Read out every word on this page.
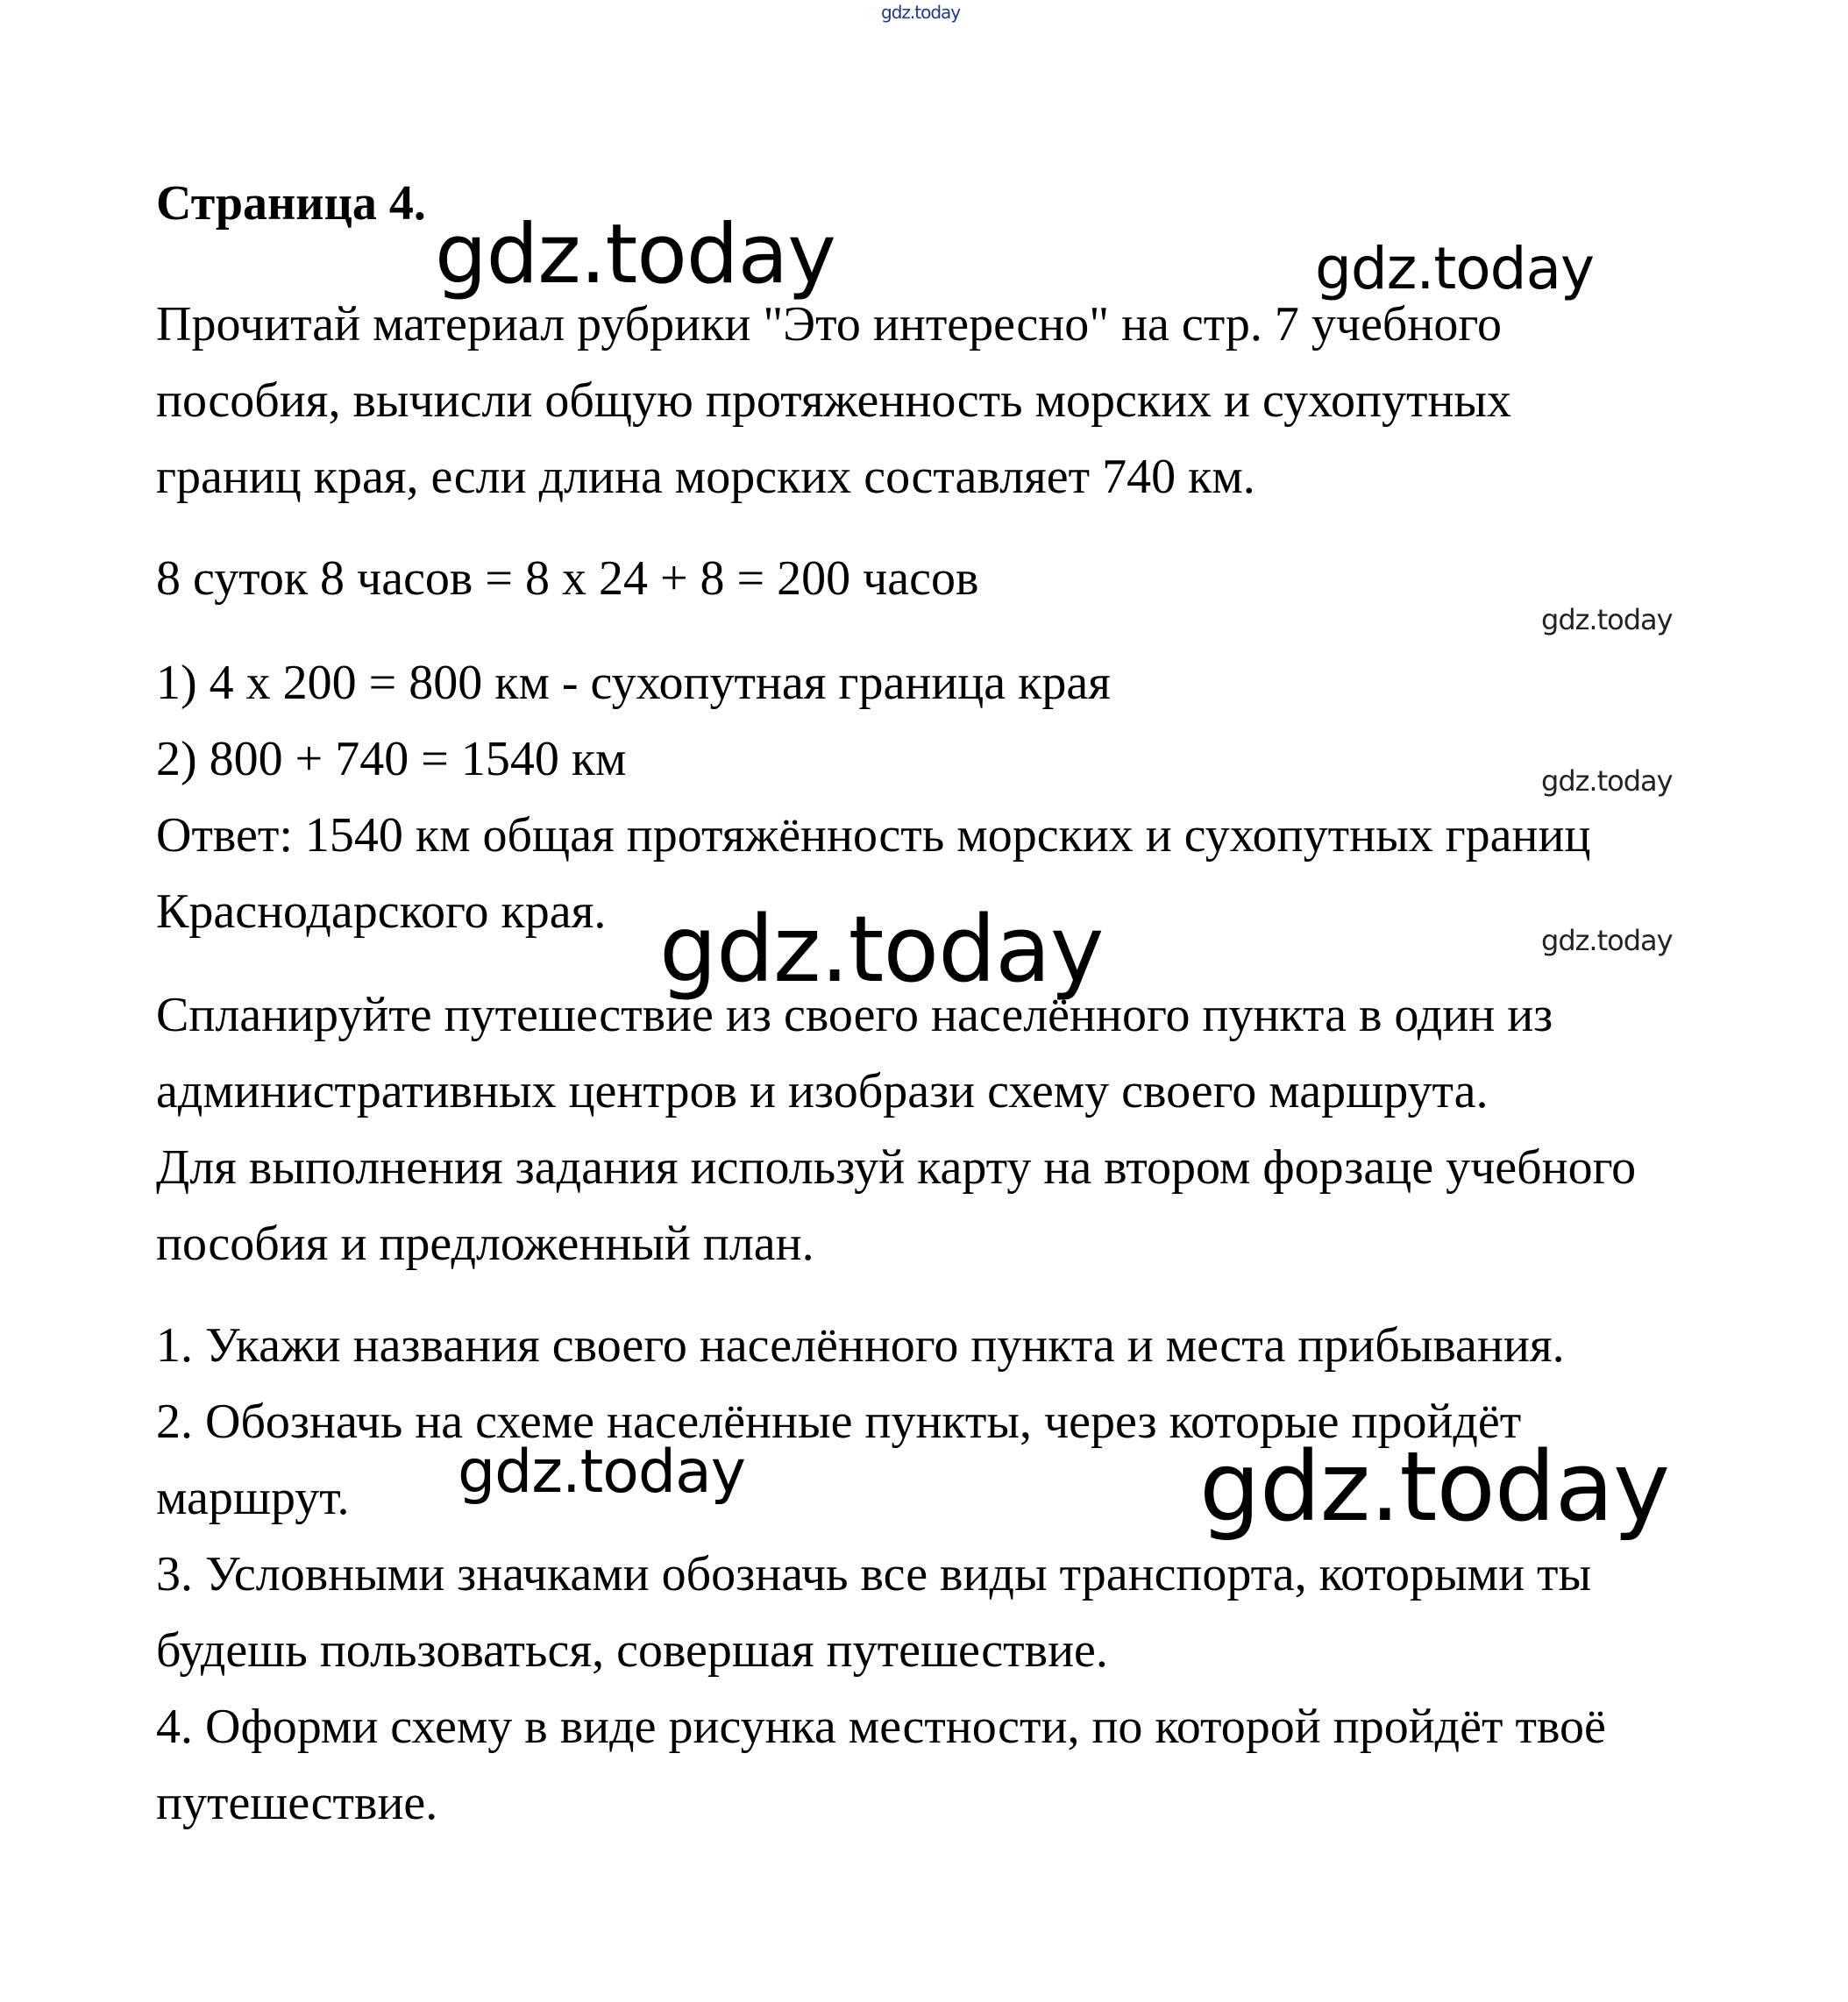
gdz.today
Страница 4.
gdz.today	gdz.today
Прочитай материал рубрики "Это интересно" на стр. 7 учебного
пособия, вычисли общую протяженность морских и сухопутных
границ края, если длина морских составляет 740 км.
8 суток 8 часов = 8 х 24 + 8 = 200 часов
gdz.today
1) 4 х 200 = 800 км - сухопутная граница края
2) 800 + 740 = 1540 км	gdz.today
Ответ: 1540 км общая протяжённость морских и сухопутных границ
Краснодарского края. gdz.today	gdz.today
Спланируйте путешествие из своего населённого пункта в один из
административных центров и изобрази схему своего маршрута.
Для выполнения задания используй карту на втором форзаце учебного
пособия и предложенный план.
1. Укажи названия своего населённого пункта и места прибывания.
2. Обозначь на схеме населённые пункты, через которые пройдёт
маршрут. gdz.today	gdz.today
3. Условными значками обозначь все виды транспорта, которыми ты
будешь пользоваться, совершая путешествие.
4. Оформи схему в виде рисунка местности, по которой пройдёт твоё
путешествие.
